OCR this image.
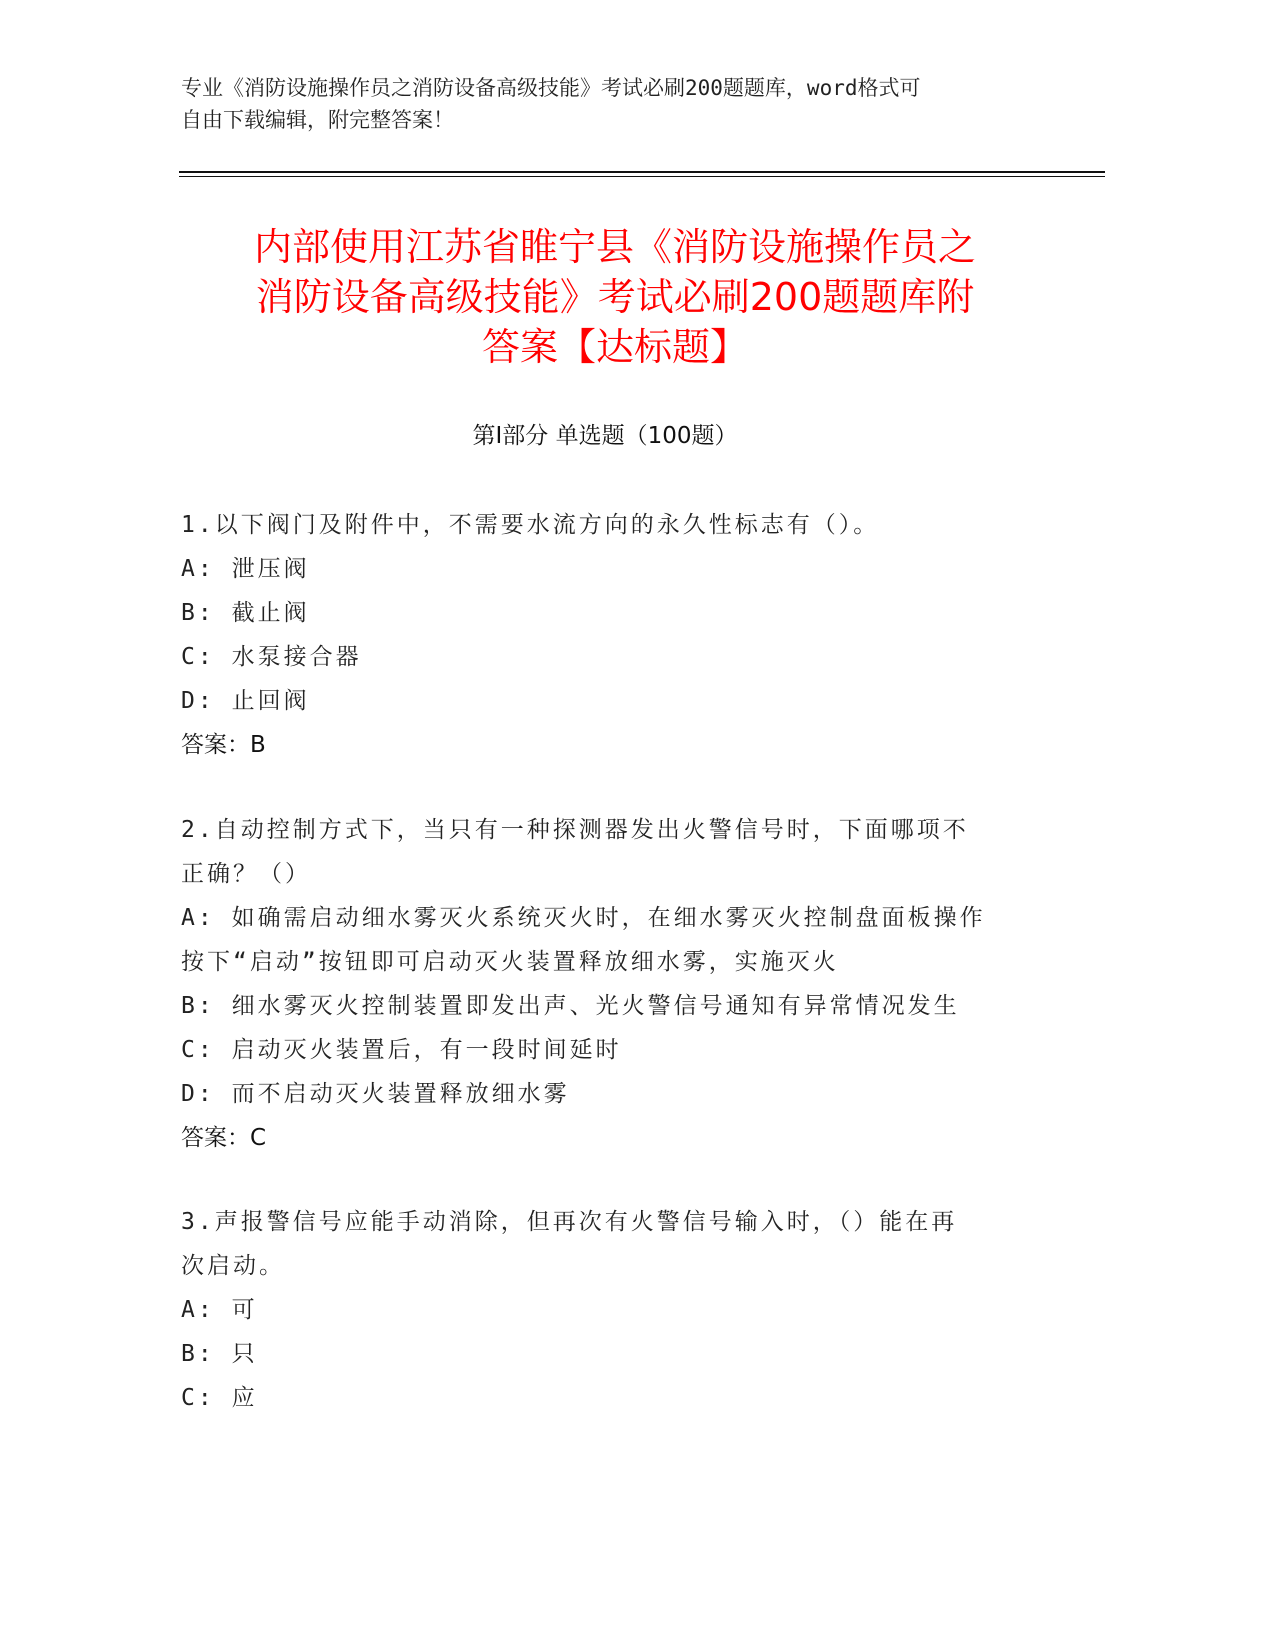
专业《消防设施操作员之消防设备高级技能》考试必刷200题题库，word格式可
自由下载编辑，附完整答案！
内部使用江苏省睢宁县《消防设施操作员之
消防设备高级技能》考试必刷200题题库附
答案【达标题】
第Ⅰ部分 单选题（100题）
1.以下阀门及附件中，不需要水流方向的永久性标志有（）。
A: 泄压阀
B: 截止阀
C: 水泵接合器
D: 止回阀
答案：B
2.自动控制方式下，当只有一种探测器发出火警信号时，下面哪项不
正确？（）
A: 如确需启动细水雾灭火系统灭火时，在细水雾灭火控制盘面板操作
按下“启动”按钮即可启动灭火装置释放细水雾，实施灭火
B: 细水雾灭火控制装置即发出声、光火警信号通知有异常情况发生
C: 启动灭火装置后，有一段时间延时
D: 而不启动灭火装置释放细水雾
答案：C
3.声报警信号应能手动消除，但再次有火警信号输入时，（）能在再
次启动。
A: 可
B: 只
C: 应
